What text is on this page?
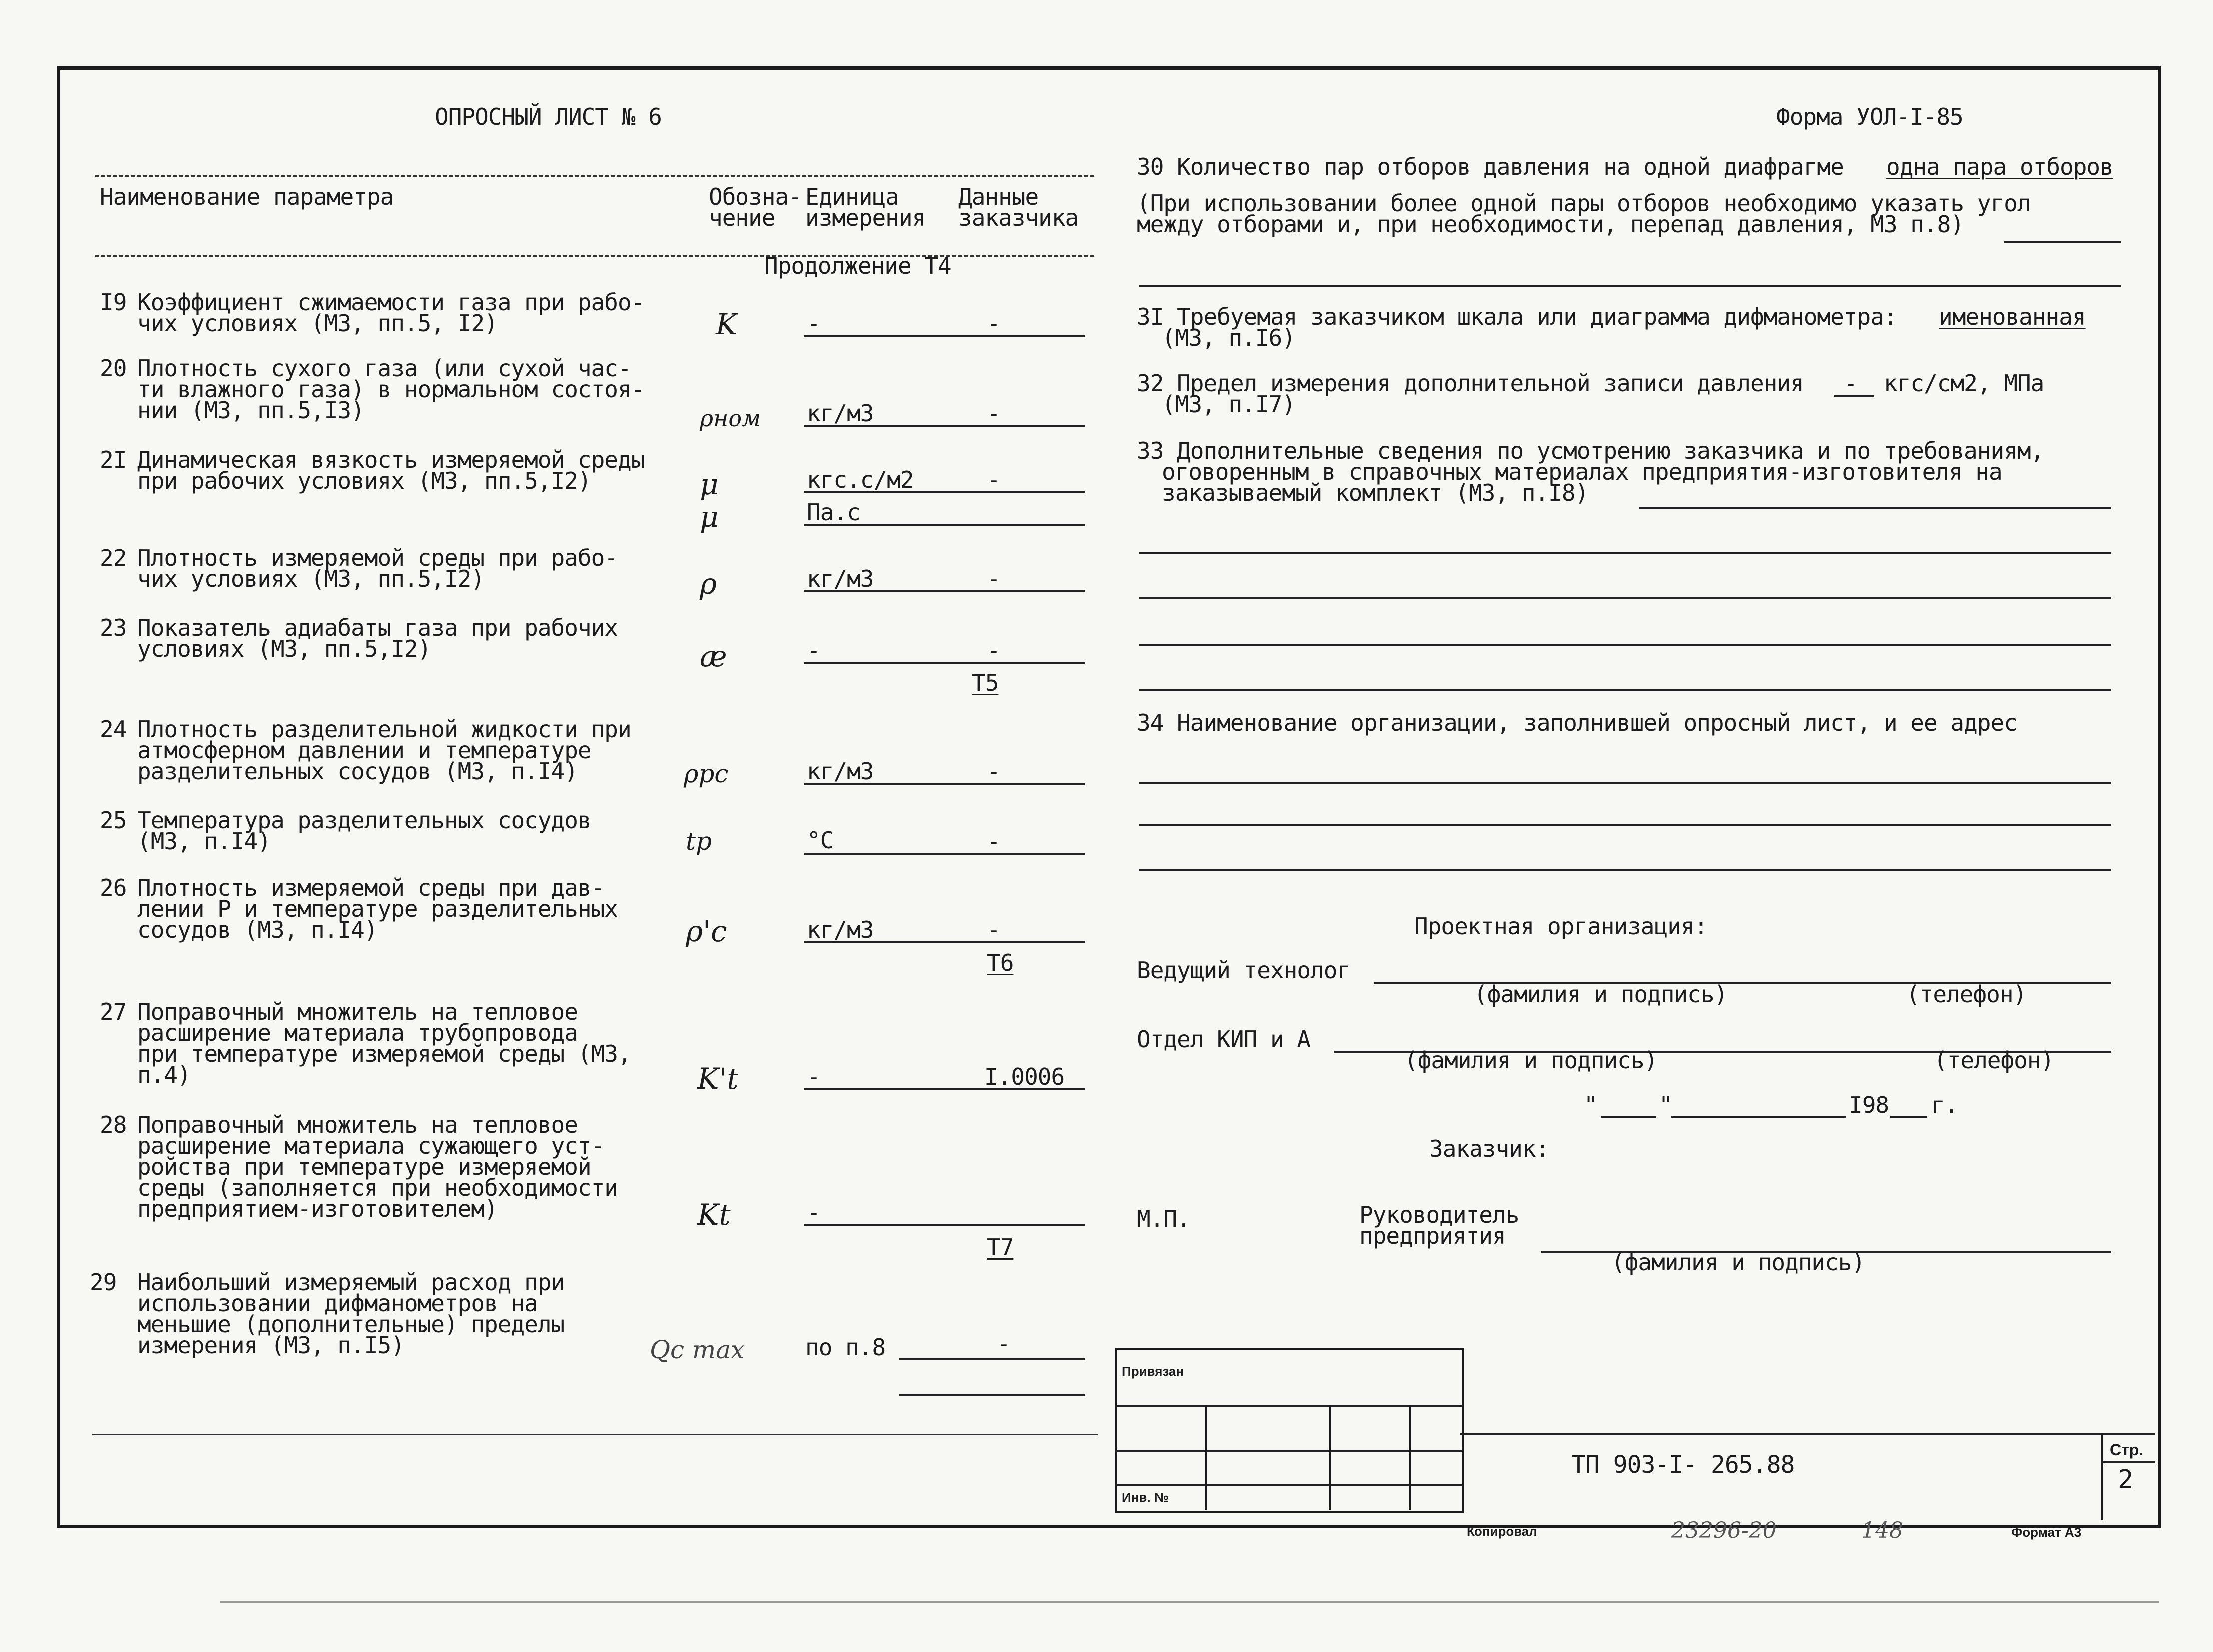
ОПРОСНЫЙ ЛИСТ № 6	Форма УОЛ-I-85
Наименование параметра	Обозна-
чение
Единица
измерения
Данные
заказчика
Продолжение Т4
I9 Коэффициент сжимаемости газа при рабо-
чих условиях (МЗ, пп.5, I2)	K	-	-
20 Плотность сухого газа (или сухой час-
ти влажного газа) в нормальном состоя-
нии (МЗ, пп.5,I3)	ρном кг/м3	-
2I Динамическая вязкость измеряемой среды
при рабочих условиях (МЗ, пп.5,I2)	μ	кгс.с/м2	-
μ	Па.с
22 Плотность измеряемой среды при рабо-
чих условиях (МЗ, пп.5,I2)	ρ	кг/м3	-
23 Показатель адиабаты газа при рабочих
условиях (МЗ, пп.5,I2)	æ	-	-
Т5
24 Плотность разделительной жидкости при
атмосферном давлении и температуре
разделительных сосудов (МЗ, п.I4)	ρрс	кг/м3	-
25 Температура разделительных сосудов
(МЗ, п.I4)	tр	°С	-
26 Плотность измеряемой среды при дав-
лении Р и температуре разделительных
сосудов (МЗ, п.I4)	ρ'с	кг/м3	-
Т6
27 Поправочный множитель на тепловое
расширение материала трубопровода
при температуре измеряемой среды (МЗ,
п.4)	K't	-	I.0006
28 Поправочный множитель на тепловое
расширение материала сужающего уст-
ройства при температуре измеряемой
среды (заполняется при необходимости
предприятием-изготовителем)	Kt	-
Т7
29 Наибольший измеряемый расход при
использовании дифманометров на
меньшие (дополнительные) пределы
измерения (МЗ, п.I5)	Qс max	по п.8	-
30 Количество пар отборов давления на одной диафрагме одна пара отборов
(При использовании более одной пары отборов необходимо указать угол
между отборами и, при необходимости, перепад давления, МЗ п.8)
3I Требуемая заказчиком шкала или диаграмма дифманометра: именованная
(МЗ, п.I6)
32 Предел измерения дополнительной записи давления - кгс/см2, МПа
(МЗ, п.I7)
33 Дополнительные сведения по усмотрению заказчика и по требованиям,
оговоренным в справочных материалах предприятия-изготовителя на
заказываемый комплект (МЗ, п.I8)
34 Наименование организации, заполнившей опросный лист, и ее адрес
Проектная организация:
Ведущий технолог
(фамилия и подпись)	(телефон)
Отдел КИП и А
(фамилия и подпись)	(телефон)
"	"	I98 г.
Заказчик:
М.П.	Руководитель
предприятия
(фамилия и подпись)
Привязан
Инв. №
ТП 903-I- 265.88
Стр.
2
Копировал	23296-20	148	Формат А3
